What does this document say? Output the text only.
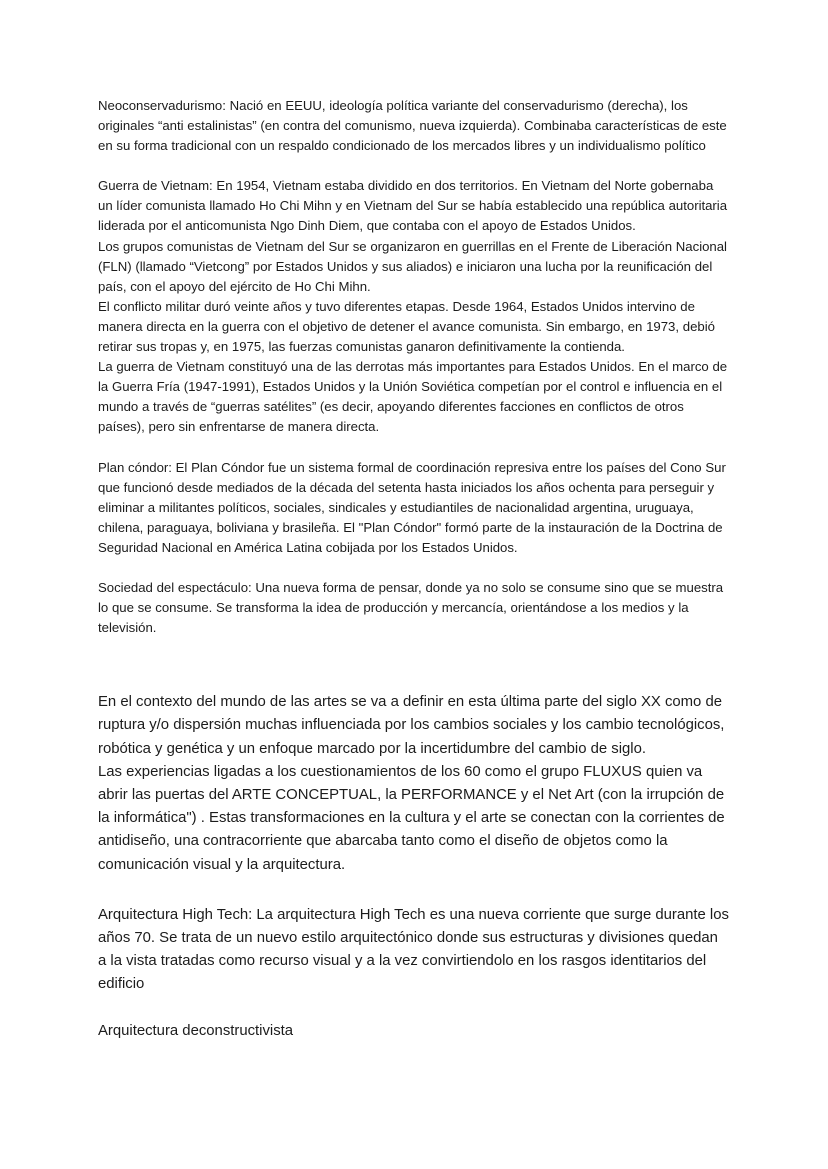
Neoconservadurismo: Nació en EEUU, ideología política variante del conservadurismo (derecha), los originales “anti estalinistas” (en contra del comunismo, nueva izquierda). Combinaba características de este en su forma tradicional con un respaldo condicionado de los mercados libres y un individualismo político

Guerra de Vietnam: En 1954, Vietnam estaba dividido en dos territorios. En Vietnam del Norte gobernaba un líder comunista llamado Ho Chi Mihn y en Vietnam del Sur se había establecido una república autoritaria liderada por el anticomunista Ngo Dinh Diem, que contaba con el apoyo de Estados Unidos.

Los grupos comunistas de Vietnam del Sur se organizaron en guerrillas en el Frente de Liberación Nacional (FLN) (llamado “Vietcong” por Estados Unidos y sus aliados) e iniciaron una lucha por la reunificación del país, con el apoyo del ejército de Ho Chi Mihn.

El conflicto militar duró veinte años y tuvo diferentes etapas. Desde 1964, Estados Unidos intervino de manera directa en la guerra con el objetivo de detener el avance comunista. Sin embargo, en 1973, debió retirar sus tropas y, en 1975, las fuerzas comunistas ganaron definitivamente la contienda.

La guerra de Vietnam constituyó una de las derrotas más importantes para Estados Unidos. En el marco de la Guerra Fría (1947-1991), Estados Unidos y la Unión Soviética competían por el control e influencia en el mundo a través de “guerras satélites” (es decir, apoyando diferentes facciones en conflictos de otros países), pero sin enfrentarse de manera directa.

Plan cóndor: El Plan Cóndor fue un sistema formal de coordinación represiva entre los países del Cono Sur que funcionó desde mediados de la década del setenta hasta iniciados los años ochenta para perseguir y eliminar a militantes políticos, sociales, sindicales y estudiantiles de nacionalidad argentina, uruguaya, chilena, paraguaya, boliviana y brasileña. El "Plan Cóndor" formó parte de la instauración de la Doctrina de Seguridad Nacional en América Latina cobijada por los Estados Unidos.

Sociedad del espectáculo: Una nueva forma de pensar, donde ya no solo se consume sino que se muestra lo que se consume. Se transforma la idea de producción y mercancía, orientándose a los medios y la televisión.

En el contexto del mundo de las artes se va a definir en esta última parte del siglo XX como de ruptura y/o dispersión muchas influenciada por los cambios sociales y los cambio tecnológicos, robótica y genética y un enfoque marcado por la incertidumbre del cambio de siglo.

Las experiencias ligadas a los cuestionamientos de los 60 como el grupo FLUXUS quien va abrir las puertas del ARTE CONCEPTUAL, la PERFORMANCE y el Net Art (con la irrupción de la informática") . Estas transformaciones en la cultura y el arte se conectan con la corrientes de antidiseño, una contracorriente que abarcaba tanto como el diseño de objetos como la comunicación visual y la arquitectura.

Arquitectura High Tech: La arquitectura High Tech es una nueva corriente que surge durante los años 70. Se trata de un nuevo estilo arquitectónico donde sus estructuras y divisiones quedan a la vista tratadas como recurso visual y a la vez convirtiendolo en los rasgos identitarios del edificio

Arquitectura deconstructivista
